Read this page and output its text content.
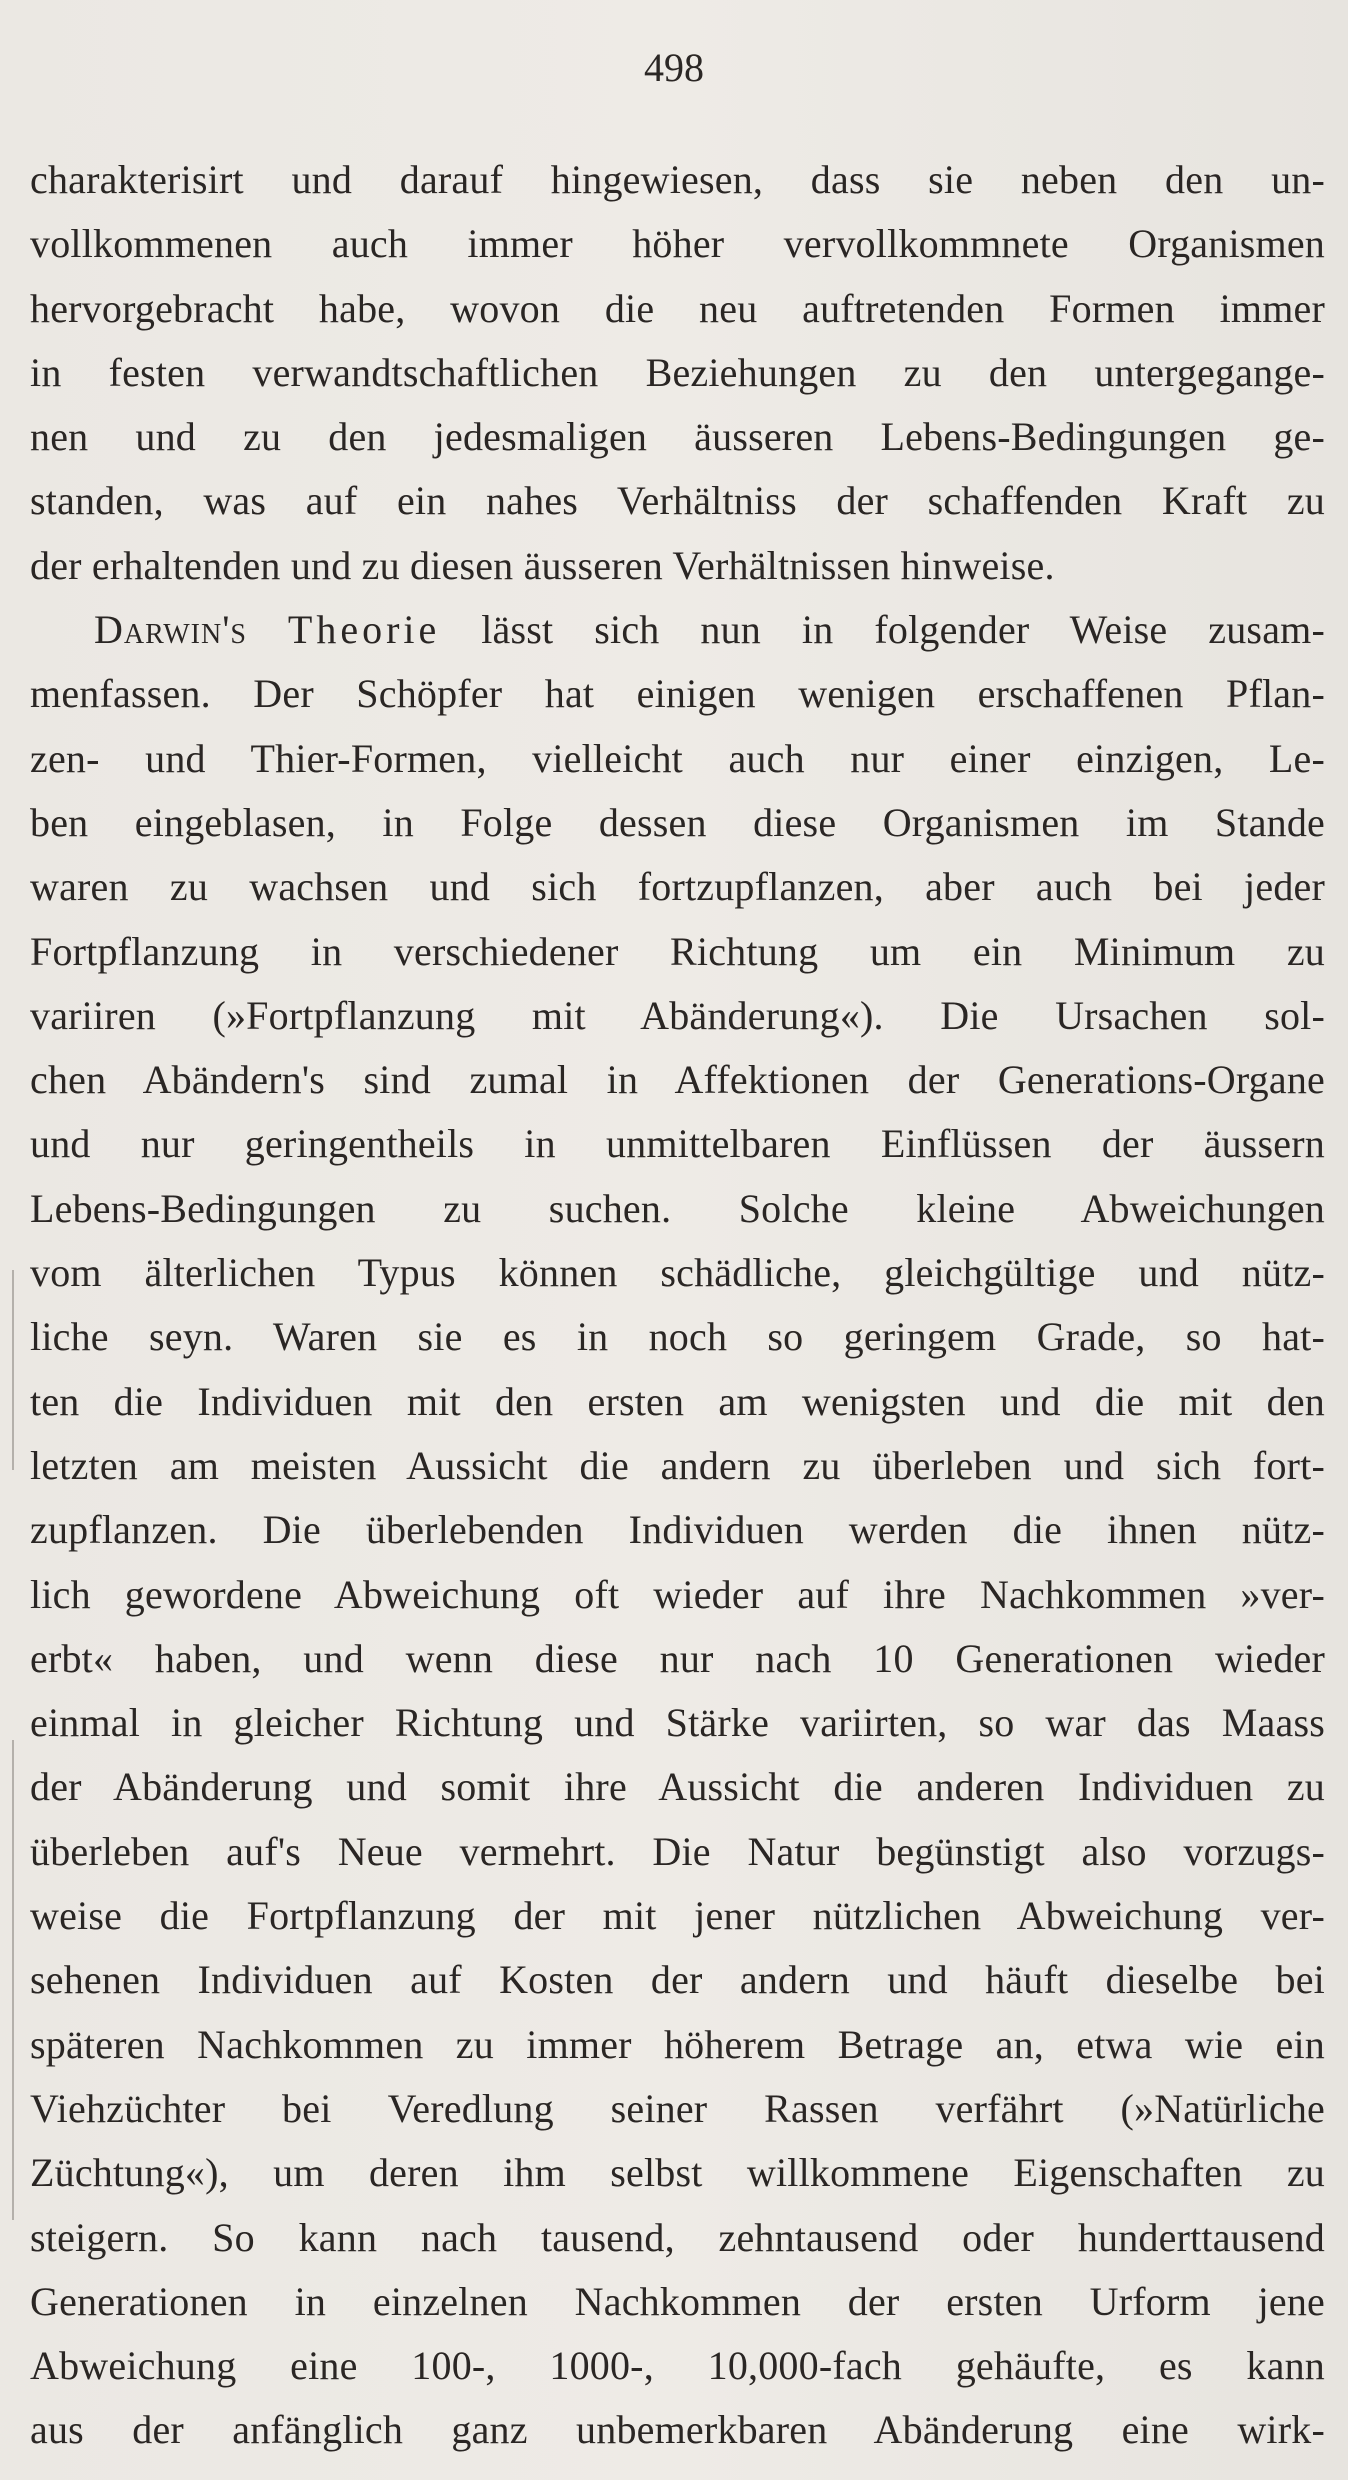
498
charakterisirt und darauf hingewiesen, dass sie neben den un-
vollkommenen auch immer höher vervollkommnete Organismen
hervorgebracht habe, wovon die neu auftretenden Formen immer
in festen verwandtschaftlichen Beziehungen zu den untergegange-
nen und zu den jedesmaligen äusseren Lebens-Bedingungen ge-
standen, was auf ein nahes Verhältniss der schaffenden Kraft zu
der erhaltenden und zu diesen äusseren Verhältnissen hinweise.
Darwin's Theorie lässt sich nun in folgender Weise zusam-
menfassen. Der Schöpfer hat einigen wenigen erschaffenen Pflan-
zen- und Thier-Formen, vielleicht auch nur einer einzigen, Le-
ben eingeblasen, in Folge dessen diese Organismen im Stande
waren zu wachsen und sich fortzupflanzen, aber auch bei jeder
Fortpflanzung in verschiedener Richtung um ein Minimum zu
variiren (»Fortpflanzung mit Abänderung«). Die Ursachen sol-
chen Abändern's sind zumal in Affektionen der Generations-Organe
und nur geringentheils in unmittelbaren Einflüssen der äussern
Lebens-Bedingungen zu suchen. Solche kleine Abweichungen
vom älterlichen Typus können schädliche, gleichgültige und nütz-
liche seyn. Waren sie es in noch so geringem Grade, so hat-
ten die Individuen mit den ersten am wenigsten und die mit den
letzten am meisten Aussicht die andern zu überleben und sich fort-
zupflanzen. Die überlebenden Individuen werden die ihnen nütz-
lich gewordene Abweichung oft wieder auf ihre Nachkommen »ver-
erbt« haben, und wenn diese nur nach 10 Generationen wieder
einmal in gleicher Richtung und Stärke variirten, so war das Maass
der Abänderung und somit ihre Aussicht die anderen Individuen zu
überleben auf's Neue vermehrt. Die Natur begünstigt also vorzugs-
weise die Fortpflanzung der mit jener nützlichen Abweichung ver-
sehenen Individuen auf Kosten der andern und häuft dieselbe bei
späteren Nachkommen zu immer höherem Betrage an, etwa wie ein
Viehzüchter bei Veredlung seiner Rassen verfährt (»Natürliche
Züchtung«), um deren ihm selbst willkommene Eigenschaften zu
steigern. So kann nach tausend, zehntausend oder hunderttausend
Generationen in einzelnen Nachkommen der ersten Urform jene
Abweichung eine 100-, 1000-, 10,000-fach gehäufte, es kann
aus der anfänglich ganz unbemerkbaren Abänderung eine wirk-
